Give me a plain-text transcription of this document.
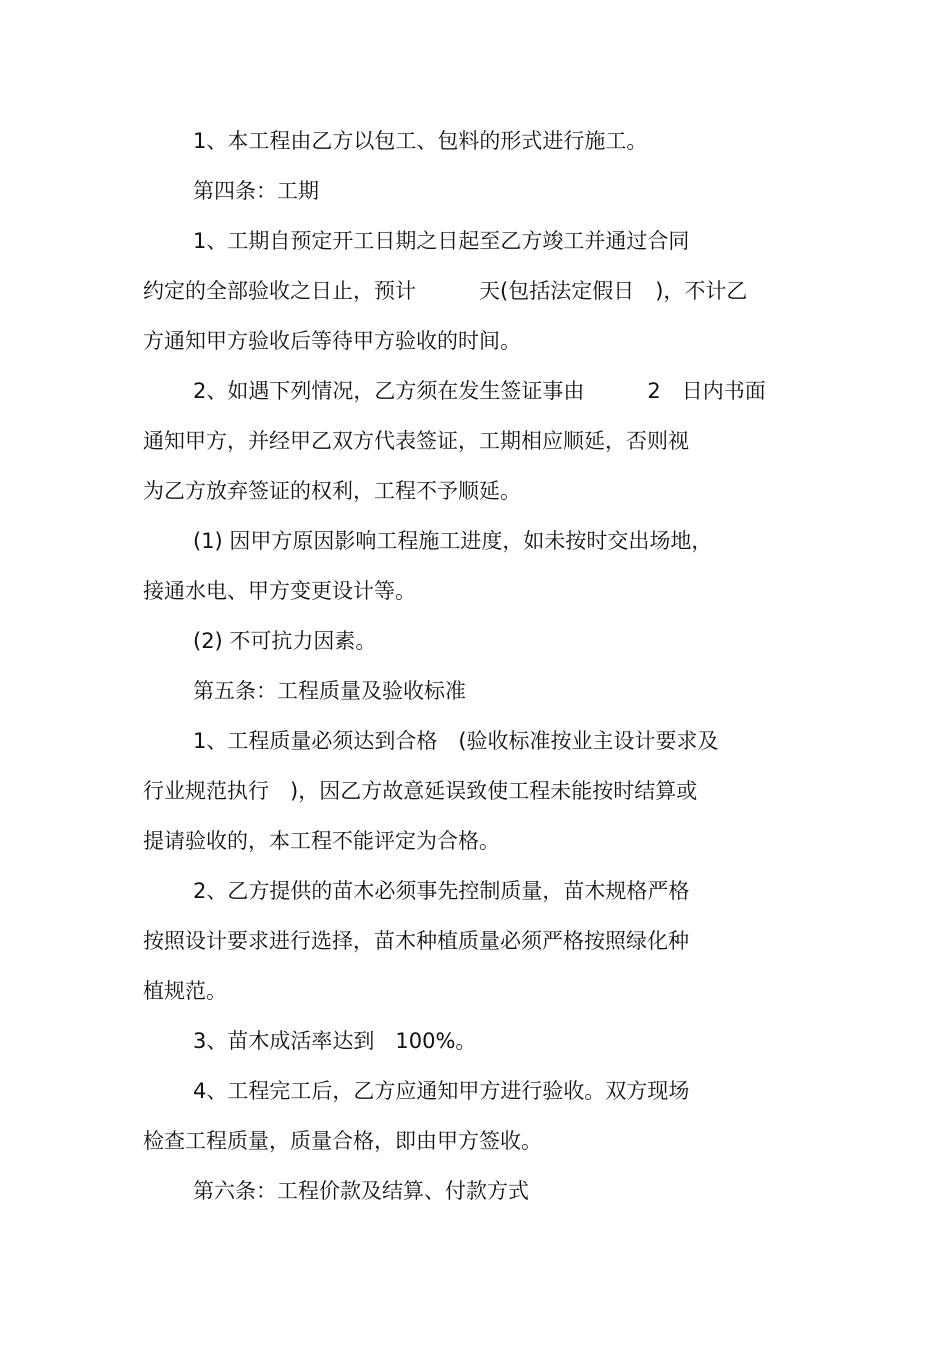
1、本工程由乙方以包工、包料的形式进行施工。
第四条：工期
1、工期自预定开工日期之日起至乙方竣工并通过合同
约定的全部验收之日止，预计　　　天(包括法定假日　)，不计乙
方通知甲方验收后等待甲方验收的时间。
2、如遇下列情况，乙方须在发生签证事由　　　2　日内书面
通知甲方，并经甲乙双方代表签证，工期相应顺延，否则视
为乙方放弃签证的权利，工程不予顺延。
(1) 因甲方原因影响工程施工进度，如未按时交出场地，
接通水电、甲方变更设计等。
(2) 不可抗力因素。
第五条：工程质量及验收标准
1、工程质量必须达到合格　(验收标准按业主设计要求及
行业规范执行　)，因乙方故意延误致使工程未能按时结算或
提请验收的，本工程不能评定为合格。
2、乙方提供的苗木必须事先控制质量，苗木规格严格
按照设计要求进行选择，苗木种植质量必须严格按照绿化种
植规范。
3、苗木成活率达到　100%。
4、工程完工后，乙方应通知甲方进行验收。双方现场
检查工程质量，质量合格，即由甲方签收。
第六条：工程价款及结算、付款方式
